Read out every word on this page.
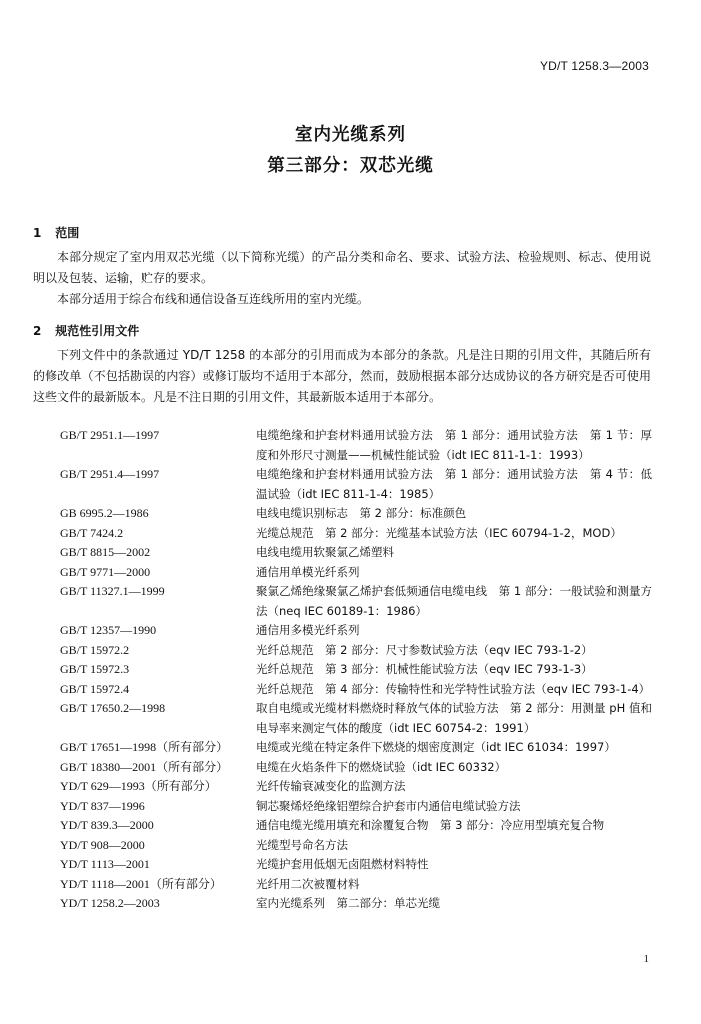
YD/T 1258.3—2003
室内光缆系列
第三部分：双芯光缆
1 范围
本部分规定了室内用双芯光缆（以下简称光缆）的产品分类和命名、要求、试验方法、检验规则、标志、使用说明以及包装、运输，贮存的要求。
本部分适用于综合布线和通信设备互连线所用的室内光缆。
2 规范性引用文件
下列文件中的条款通过 YD/T 1258 的本部分的引用而成为本部分的条款。凡是注日期的引用文件，其随后所有的修改单（不包括勘误的内容）或修订版均不适用于本部分，然而，鼓励根据本部分达成协议的各方研究是否可使用这些文件的最新版本。凡是不注日期的引用文件，其最新版本适用于本部分。
GB/T 2951.1—1997	电缆绝缘和护套材料通用试验方法　第 1 部分：通用试验方法　第 1 节：厚度和外形尺寸测量——机械性能试验（idt IEC 811-1-1：1993）
GB/T 2951.4—1997	电缆绝缘和护套材料通用试验方法　第 1 部分：通用试验方法　第 4 节：低温试验（idt IEC 811-1-4：1985）
GB 6995.2—1986	电线电缆识别标志　第 2 部分：标准颜色
GB/T 7424.2	光缆总规范　第 2 部分：光缆基本试验方法（IEC 60794-1-2，MOD）
GB/T 8815—2002	电线电缆用软聚氯乙烯塑料
GB/T 9771—2000	通信用单模光纤系列
GB/T 11327.1—1999	聚氯乙烯绝缘聚氯乙烯护套低频通信电缆电线　第 1 部分：一般试验和测量方法（neq IEC 60189-1：1986）
GB/T 12357—1990	通信用多模光纤系列
GB/T 15972.2	光纤总规范　第 2 部分：尺寸参数试验方法（eqv IEC 793-1-2）
GB/T 15972.3	光纤总规范　第 3 部分：机械性能试验方法（eqv IEC 793-1-3）
GB/T 15972.4	光纤总规范　第 4 部分：传输特性和光学特性试验方法（eqv IEC 793-1-4）
GB/T 17650.2—1998	取自电缆或光缆材料燃烧时释放气体的试验方法　第 2 部分：用测量 pH 值和电导率来测定气体的酸度（idt IEC 60754-2：1991）
GB/T 17651—1998（所有部分）	电缆或光缆在特定条件下燃烧的烟密度测定（idt IEC 61034：1997）
GB/T 18380—2001（所有部分）	电缆在火焰条件下的燃烧试验（idt IEC 60332）
YD/T 629—1993（所有部分）	光纤传输衰减变化的监测方法
YD/T 837—1996	铜芯聚烯烃绝缘铝塑综合护套市内通信电缆试验方法
YD/T 839.3—2000	通信电缆光缆用填充和涂覆复合物　第 3 部分：冷应用型填充复合物
YD/T 908—2000	光缆型号命名方法
YD/T 1113—2001	光缆护套用低烟无卤阻燃材料特性
YD/T 1118—2001（所有部分）	光纤用二次被覆材料
YD/T 1258.2—2003	室内光缆系列　第二部分：单芯光缆
1
